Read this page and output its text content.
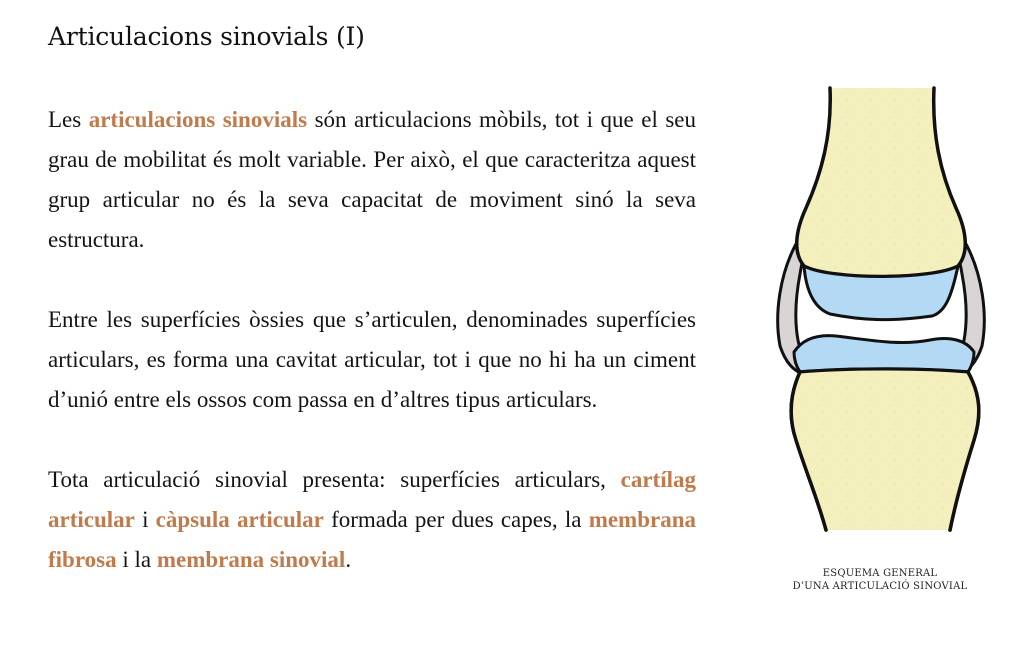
Articulacions sinovials (I)

Les articulacions sinovials són articulacions mòbils, tot i que el seu grau de mobilitat és molt variable. Per això, el que caracteritza aquest grup articular no és la seva capacitat de moviment sinó la seva estructura.

Entre les superfícies òssies que s’articulen, denominades superfícies articulars, es forma una cavitat articular, tot i que no hi ha un ciment d’unió entre els ossos com passa en d’altres tipus articulars.

Tota articulació sinovial presenta: superfícies articulars, cartílag articular i càpsula articular formada per dues capes, la membrana fibrosa i la membrana sinovial.

ESQUEMA GENERAL
D’UNA ARTICULACIÓ SINOVIAL
